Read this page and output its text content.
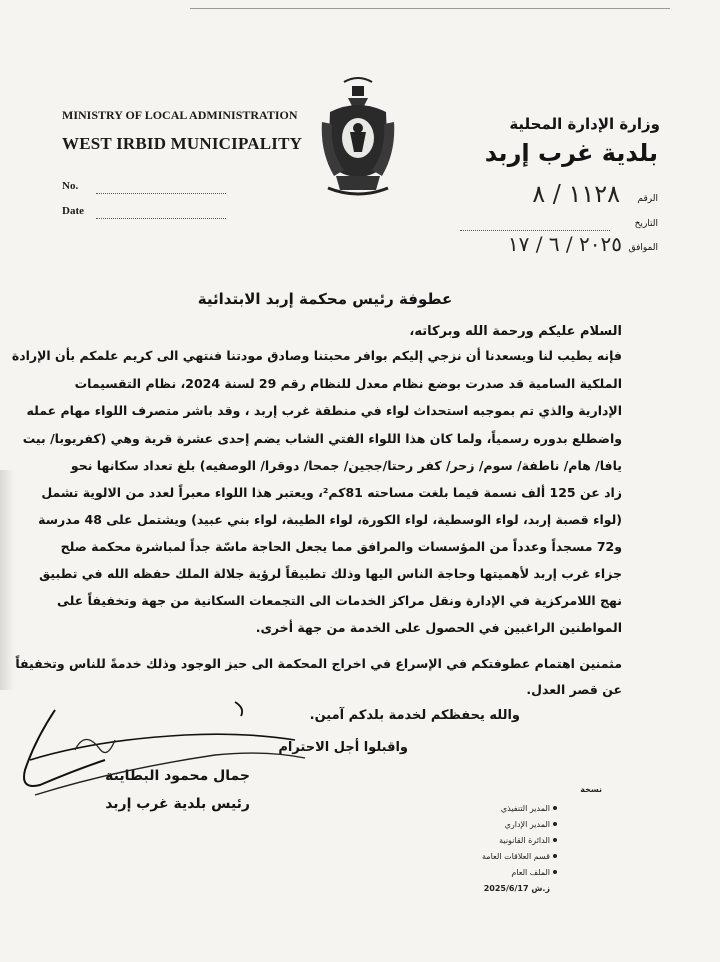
MINISTRY OF LOCAL ADMINISTRATION
WEST IRBID MUNICIPALITY
No.
Date
وزارة الإدارة المحلية
بلدية غرب إربد
الرقم
١١٢٨ / ٨
التاريخ
الموافق
٢٠٢٥ / ٦ / ١٧
عطوفة رئيس محكمة إربد الابتدائية
السلام عليكم ورحمة الله وبركاته،
فإنه يطيب لنا ويسعدنا أن نزجي إليكم بوافر محبتنا وصادق مودتنا فنتهي الى كريم علمكم بأن الإرادة
الملكية السامية قد صدرت بوضع نظام معدل للنظام رقم 29 لسنة 2024، نظام التقسيمات
الإدارية والذي تم بموجبه استحداث لواء في منطقة غرب إربد ، وقد باشر متصرف اللواء مهام عمله
واضطلع بدوره رسمياً، ولما كان هذا اللواء الفتي الشاب يضم إحدى عشرة قرية وهي (كفريوبا/ بيت
يافا/ هام/ ناطفة/ سوم/ زحر/ كفر رحتا/ججين/ جمحا/ دوقرا/ الوصفيه) بلغ تعداد سكانها نحو
زاد عن 125 ألف نسمة فيما بلغت مساحته 81كم²، ويعتبر هذا اللواء معبراً لعدد من الالوية تشمل
(لواء قصبة إربد، لواء الوسطية، لواء الكورة، لواء الطيبة، لواء بني عبيد) ويشتمل على 48 مدرسة
و72 مسجداً وعدداً من المؤسسات والمرافق مما يجعل الحاجة ماسّة جداً لمباشرة محكمة صلح
جزاء غرب إربد لأهميتها وحاجة الناس اليها وذلك تطبيقاً لرؤية جلالة الملك حفظه الله في تطبيق
نهج اللامركزية في الإدارة ونقل مراكز الخدمات الى التجمعات السكانية من جهة وتخفيفاً على
المواطنين الراغبين في الحصول على الخدمة من جهة أخرى.
مثمنين اهتمام عطوفتكم في الإسراع في اخراج المحكمة الى حيز الوجود وذلك خدمةً للناس وتخفيفاً
عن قصر العدل.
والله يحفظكم لخدمة بلدكم آمين.
واقبلوا أجل الاحترام
جمال محمود البطاينة
رئيس بلدية غرب إربد
نسخة
المدير التنفيذي
المدير الإداري
الدائرة القانونية
قسم العلاقات العامة
الملف العام
ز.ش 2025/6/17
